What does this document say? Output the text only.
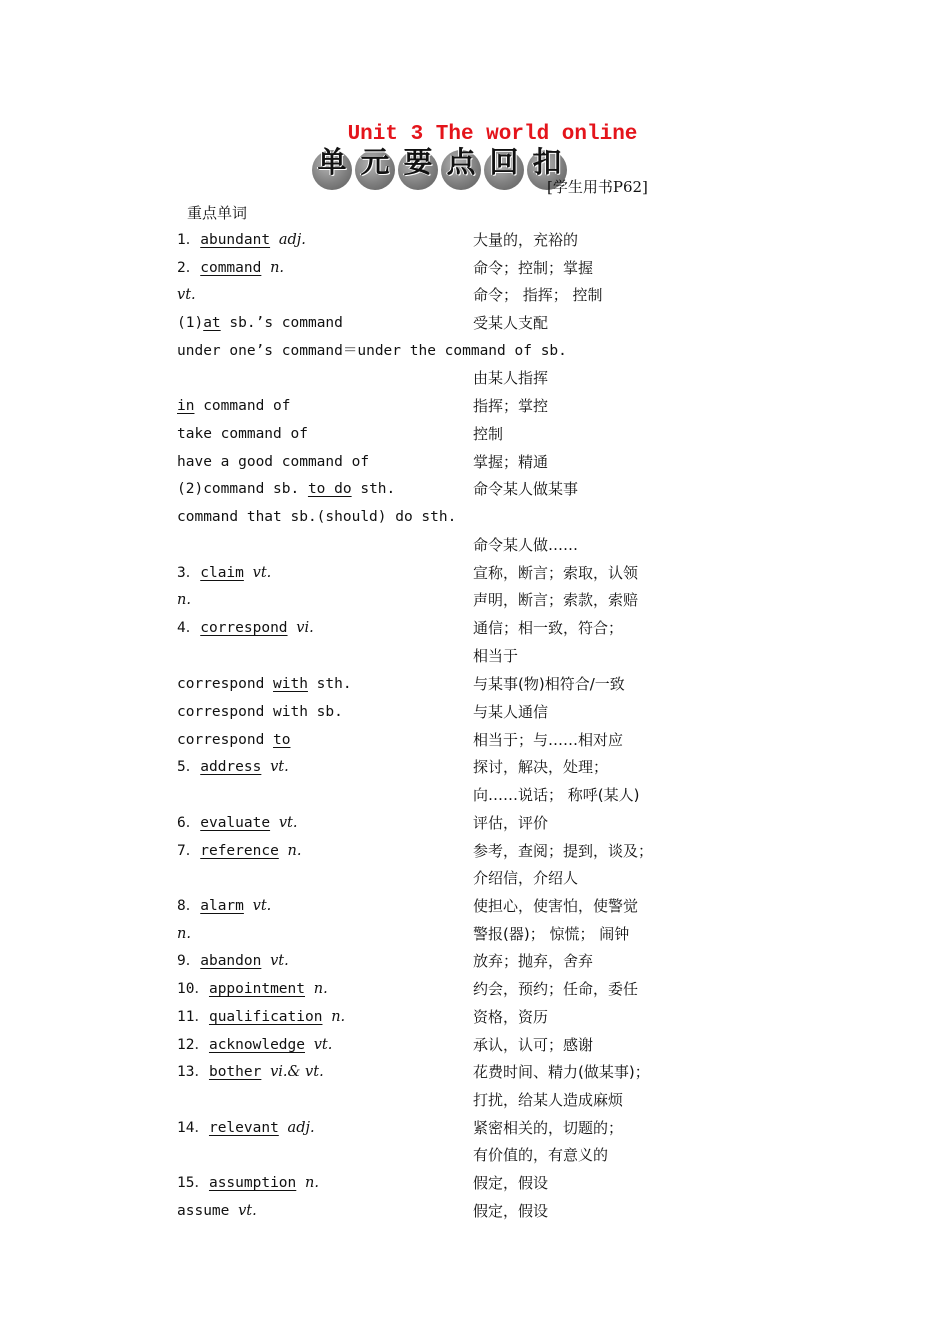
Unit 3 The world online
单 元 要 点 回 扣
[学生用书P62]
重点单词
1．abundant adj.	大量的，充裕的
2．command n.	命令；控制；掌握
vt.	命令； 指挥； 控制
(1)at sb.’s command	受某人支配
under one’s command＝under the command of sb.
由某人指挥
in command of	指挥；掌控
take command of	控制
have a good command of	掌握；精通
(2)command sb. to do sth.	命令某人做某事
command that sb.(should) do sth.
命令某人做……
3．claim vt.	宣称，断言；索取，认领
n.	声明，断言；索款，索赔
4．correspond vi.	通信；相一致，符合；
相当于
correspond with sth.	与某事(物)相符合/一致
correspond with sb.	与某人通信
correspond to	相当于；与……相对应
5．address vt.	探讨，解决，处理；
向……说话； 称呼(某人)
6．evaluate vt.	评估，评价
7．reference n.	参考，查阅；提到，谈及；
介绍信，介绍人
8．alarm vt.	使担心，使害怕，使警觉
n.	警报(器)； 惊慌； 闹钟
9．abandon vt.	放弃；抛弃，舍弃
10．appointment n.	约会，预约；任命，委任
11．qualification n.	资格，资历
12．acknowledge vt.	承认，认可；感谢
13．bother vi.& vt.	花费时间、精力(做某事)；
打扰，给某人造成麻烦
14．relevant adj.	紧密相关的，切题的；
有价值的，有意义的
15．assumption n.	假定，假设
assume vt.	假定，假设
